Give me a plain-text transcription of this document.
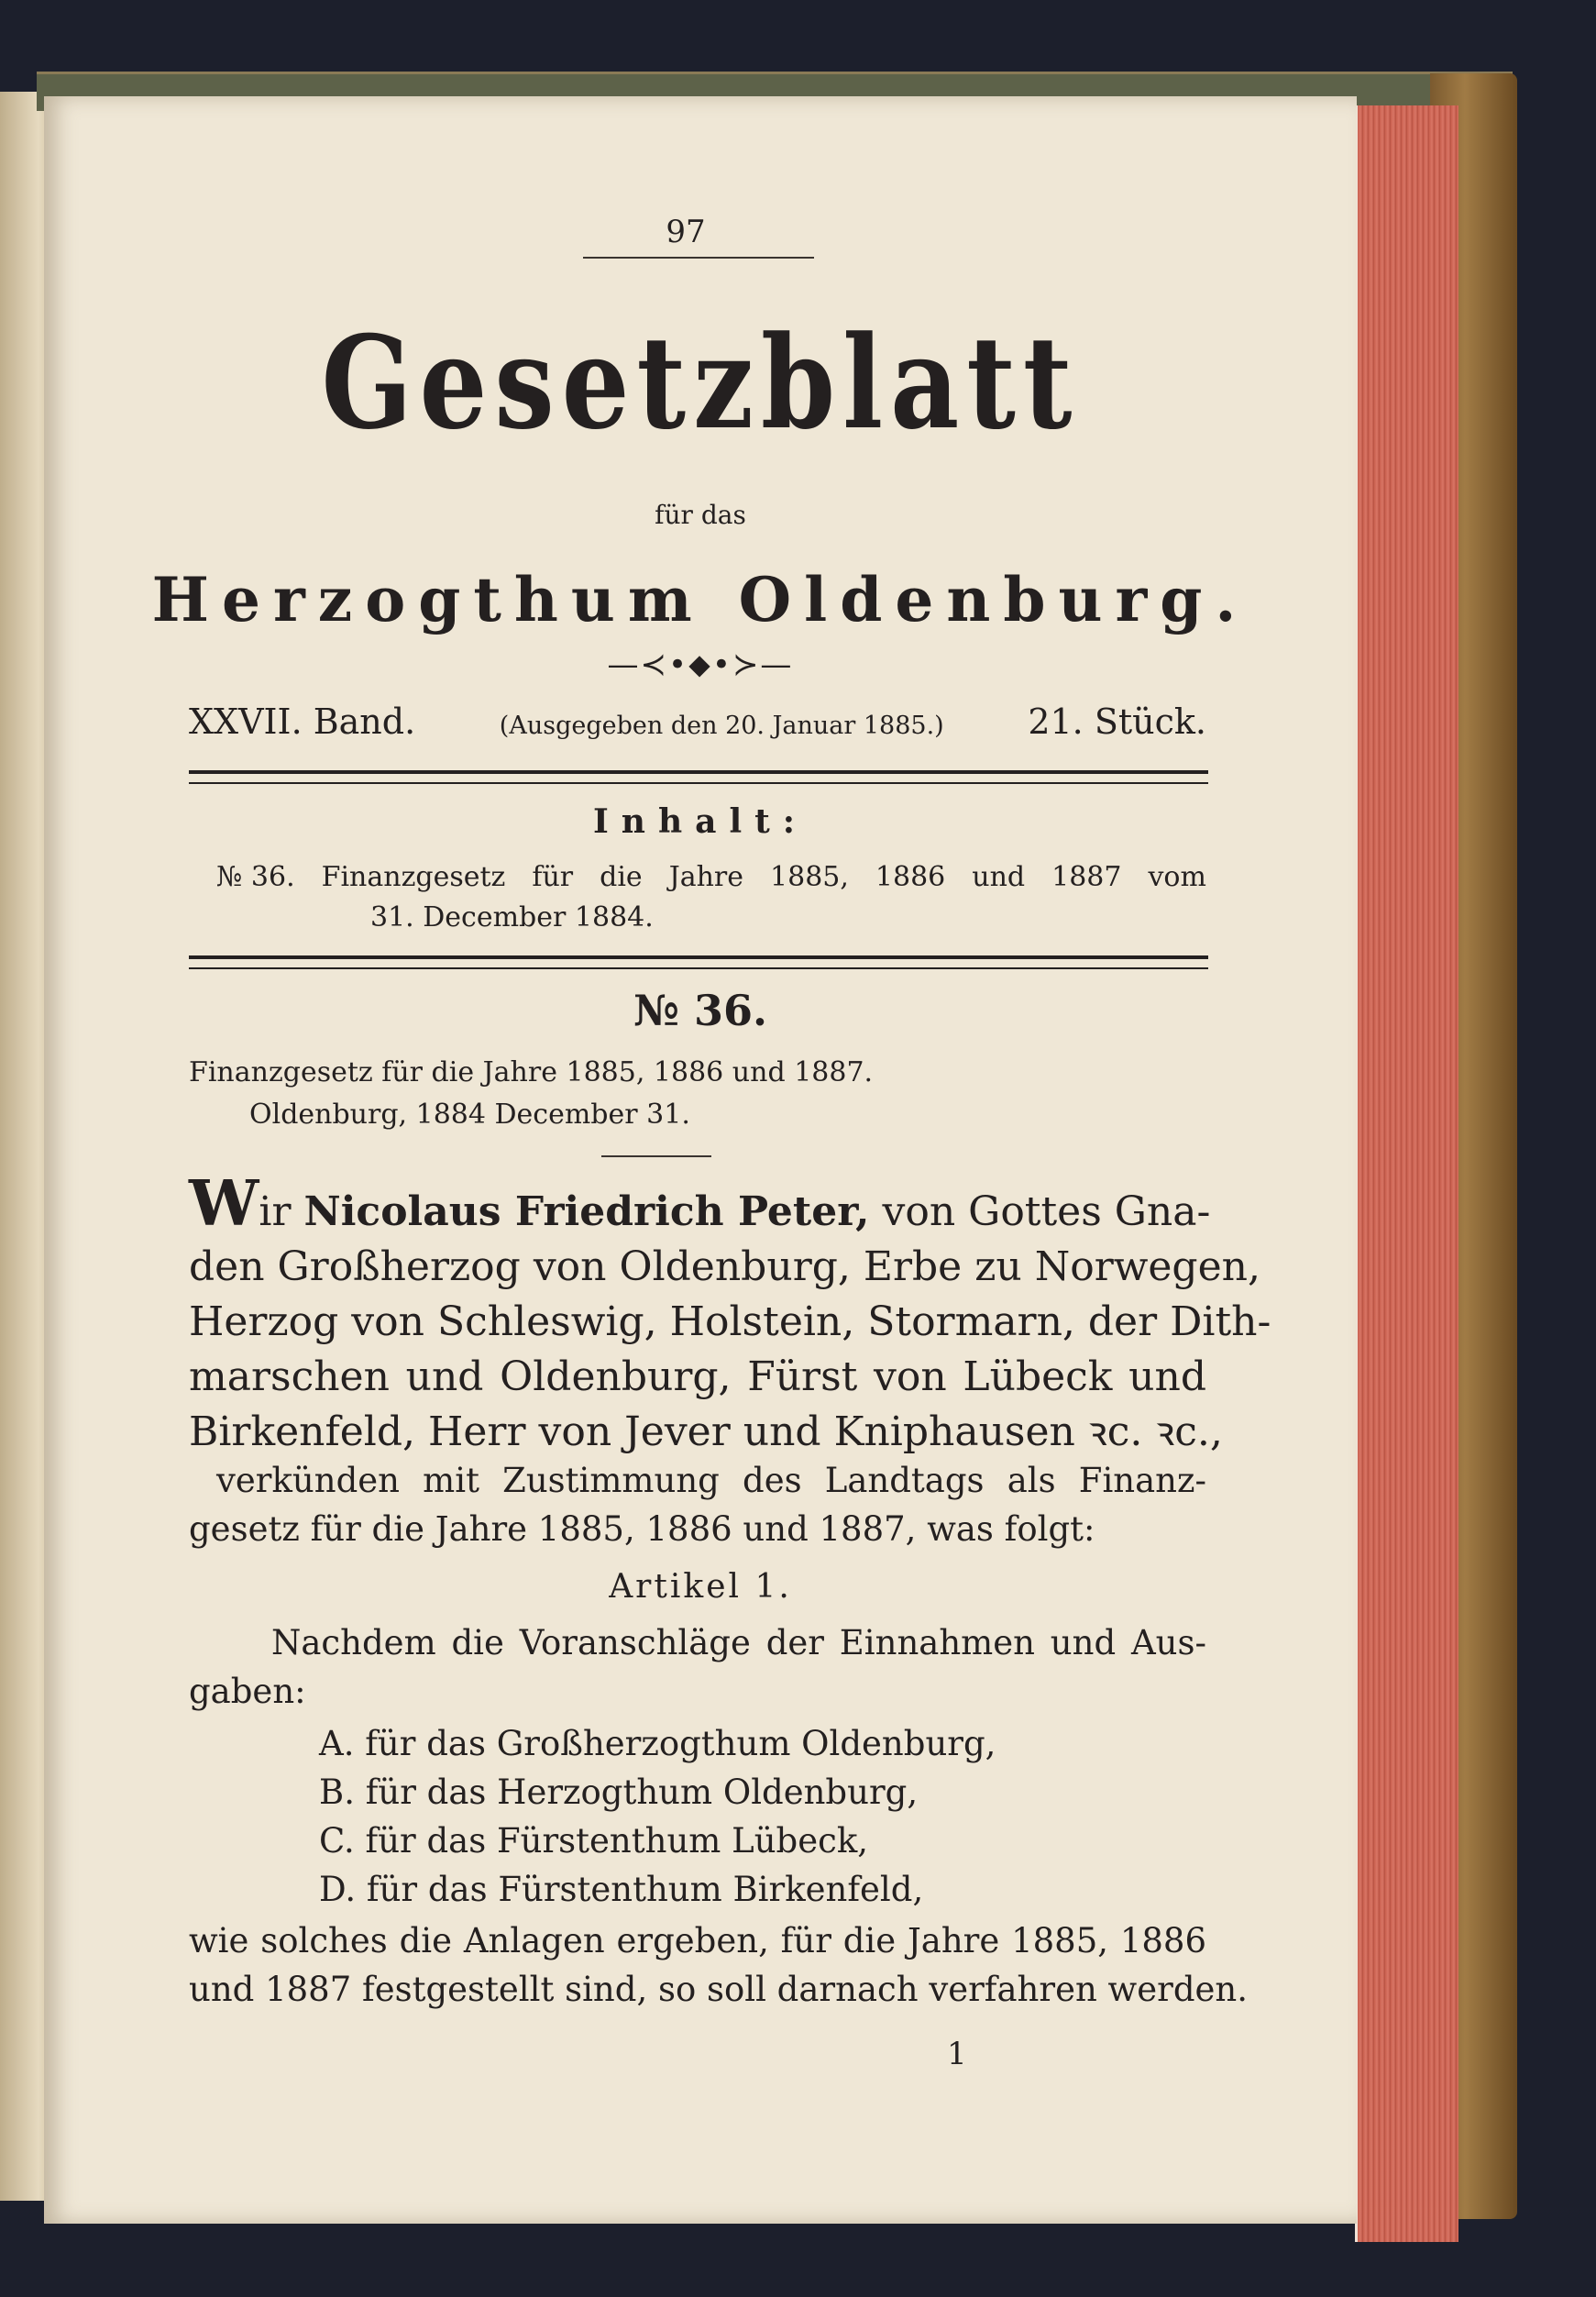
97
Gesetzblatt
für das
Herzogthum Oldenburg.
—≺•⬥•≻—
XXVII. Band.	(Ausgegeben den 20. Januar 1885.) 21. Stück.
Inhalt:
№ 36. Finanzgesetz für die Jahre 1885, 1886 und 1887 vom
31. December 1884.
№ 36.
Finanzgesetz für die Jahre 1885, 1886 und 1887.
Oldenburg, 1884 December 31.
Wir Nicolaus Friedrich Peter, von Gottes Gna-
den Großherzog von Oldenburg, Erbe zu Norwegen,
Herzog von Schleswig, Holstein, Stormarn, der Dith-
marschen und Oldenburg, Fürst von Lübeck und
Birkenfeld, Herr von Jever und Kniphausen ꝛc. ꝛc.,
verkünden mit Zustimmung des Landtags als Finanz-
gesetz für die Jahre 1885, 1886 und 1887, was folgt:
Artikel 1.
Nachdem die Voranschläge der Einnahmen und Aus-
gaben:
A. für das Großherzogthum Oldenburg,
B. für das Herzogthum Oldenburg,
C. für das Fürstenthum Lübeck,
D. für das Fürstenthum Birkenfeld,
wie solches die Anlagen ergeben, für die Jahre 1885, 1886
und 1887 festgestellt sind, so soll darnach verfahren werden.
1
